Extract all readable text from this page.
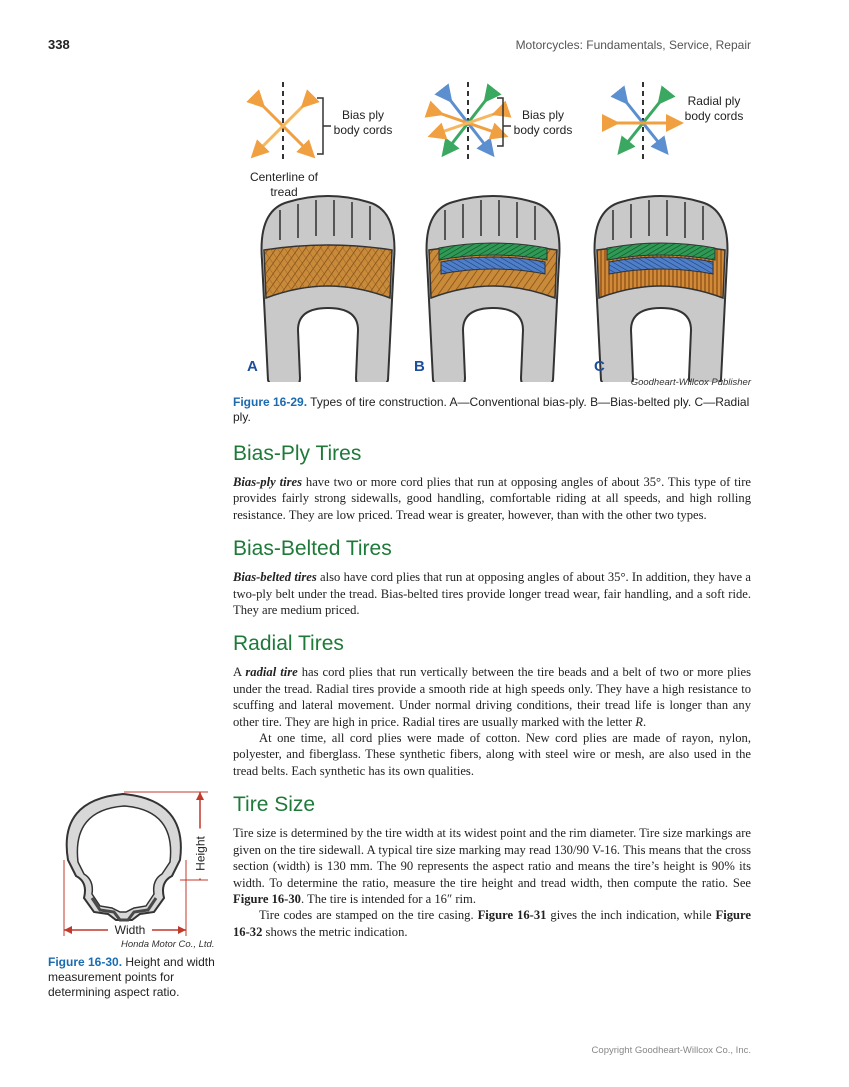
338	Motorcycles: Fundamentals, Service, Repair
Bias ply body cords
Centerline of tread
Bias ply body cords
Radial ply body cords
A	B	C
Goodheart-Willcox Publisher
Figure 16-29. Types of tire construction. A—Conventional bias-ply. B—Bias-belted ply. C—Radial ply.
Bias-Ply Tires

Bias-ply tires have two or more cord plies that run at opposing angles of about 35°. This type of tire provides fairly strong sidewalls, good handling, comfortable riding at all speeds, and high rolling resistance. They are low priced. Tread wear is greater, however, than with the other two types.

Bias-Belted Tires

Bias-belted tires also have cord plies that run at opposing angles of about 35°. In addition, they have a two-ply belt under the tread. Bias-belted tires provide longer tread wear, fair handling, and a soft ride. They are medium priced.

Radial Tires

A radial tire has cord plies that run vertically between the tire beads and a belt of two or more plies under the tread. Radial tires provide a smooth ride at high speeds only. They have a high resistance to scuffing and lateral movement. Under normal driving conditions, their tread life is longer than any other tire. They are high in price. Radial tires are usually marked with the letter R.

At one time, all cord plies were made of cotton. New cord plies are made of rayon, nylon, polyester, and fiberglass. These synthetic fibers, along with steel wire or mesh, are also used in the tread belts. Each synthetic has its own qualities.

Tire Size

Tire size is determined by the tire width at its widest point and the rim diameter. Tire size markings are given on the tire sidewall. A typical tire size marking may read 130/90 V-16. This means that the cross section (width) is 130 mm. The 90 represents the aspect ratio and means the tire’s height is 90% its width. To determine the ratio, measure the tire height and tread width, then compute the ratio. See Figure 16-30. The tire is intended for a 16″ rim.

Tire codes are stamped on the tire casing. Figure 16-31 gives the inch indication, while Figure 16-32 shows the metric indication.

Height
Width
Honda Motor Co., Ltd.
Figure 16-30. Height and width measurement points for determining aspect ratio.
Copyright Goodheart-Willcox Co., Inc.
